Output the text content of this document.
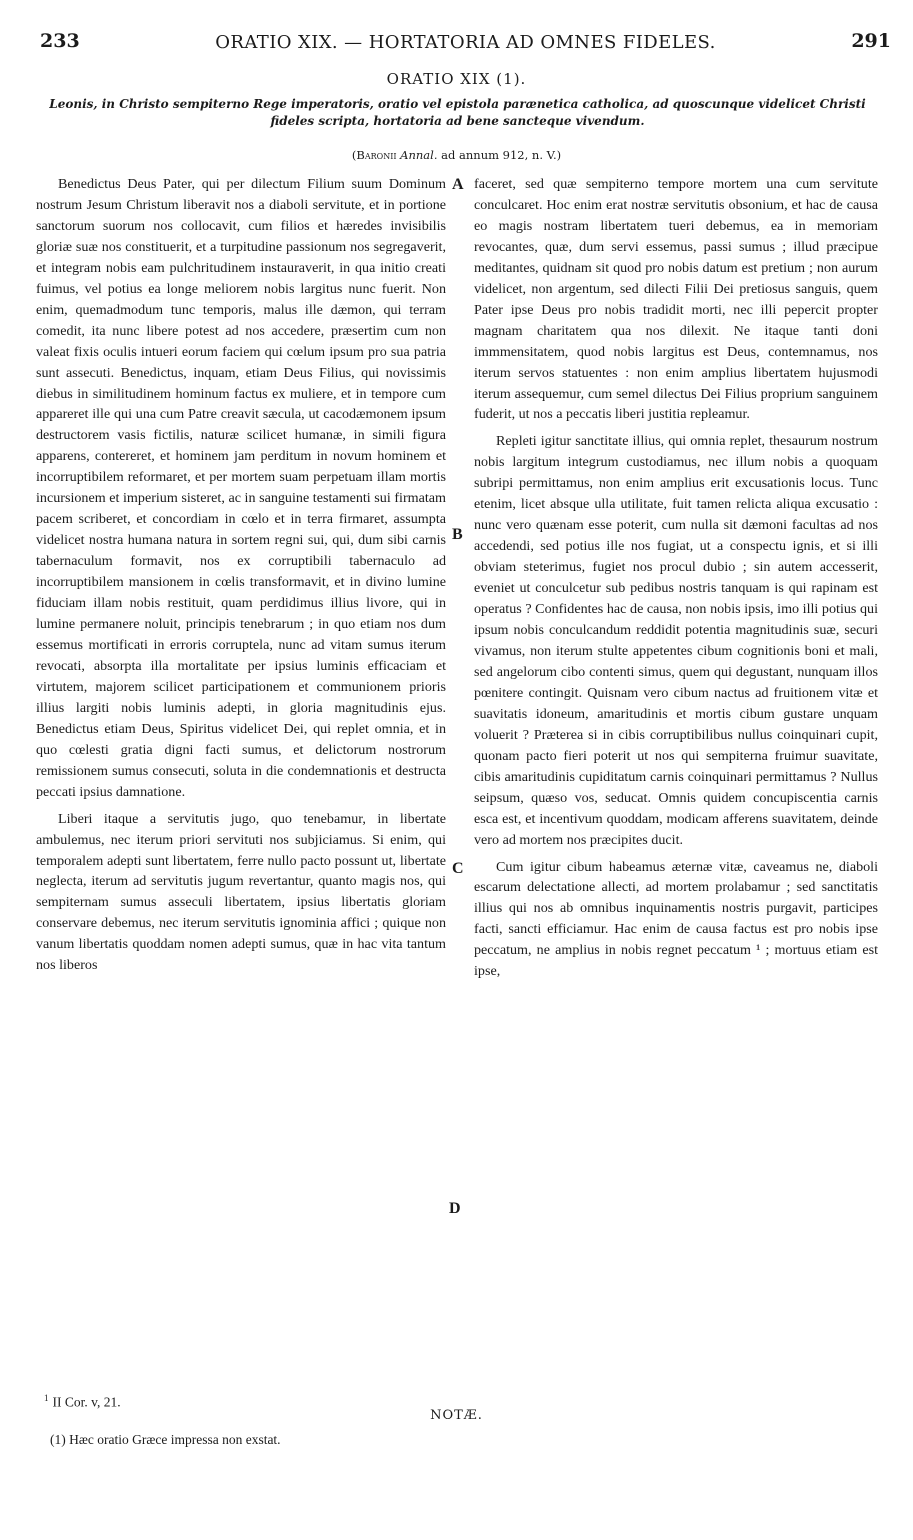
233	ORATIO XIX. — HORTATORIA AD OMNES FIDELES.	291
ORATIO XIX (1).
Leonis, in Christo sempiterno Rege imperatoris, oratio vel epistola parænetica catholica, ad quoscunque videlicet Christi fideles scripta, hortatoria ad bene sancteque vivendum.
(Baronii Annal. ad annum 912, n. V.)

Benedictus Deus Pater, qui per dilectum Filium suum Dominum nostrum Jesum Christum liberavit nos a diaboli servitute, et in portione sanctorum suorum nos collocavit, cum filios et hæredes invisibilis gloriæ suæ nos constituerit, et a turpitudine passionum nos segregaverit, et integram nobis eam pulchritudinem instauraverit, in qua initio creati fuimus, vel potius ea longe meliorem nobis largitus nunc fuerit. Non enim, quemadmodum tunc temporis, malus ille dæmon, qui terram comedit, ita nunc libere potest ad nos accedere, præsertim cum non valeat fixis oculis intueri eorum faciem qui cœlum ipsum pro sua patria sunt assecuti. Benedictus, inquam, etiam Deus Filius, qui novissimis diebus in similitudinem hominum factus ex muliere, et in tempore cum appareret ille qui una cum Patre creavit sæcula, ut cacodæmonem ipsum destructorem vasis fictilis, naturæ scilicet humanæ, in simili figura apparens, contereret, et hominem jam perditum in novum hominem et incorruptibilem reformaret, et per mortem suam perpetuam illam mortis incursionem et imperium sisteret, ac in sanguine testamenti sui firmatam pacem scriberet, et concordiam in cœlo et in terra firmaret, assumpta videlicet nostra humana natura in sortem regni sui, qui, dum sibi carnis tabernaculum formavit, nos ex corruptibili tabernaculo ad incorruptibilem mansionem in cœlis transformavit, et in divino lumine fiduciam illam nobis restituit, quam perdidimus illius livore, qui in lumine permanere noluit, principis tenebrarum ; in quo etiam nos dum essemus mortificati in erroris corruptela, nunc ad vitam sumus iterum revocati, absorpta illa mortalitate per ipsius luminis efficaciam et virtutem, majorem scilicet participationem et communionem prioris illius largiti nobis luminis adepti, in gloria magnitudinis ejus. Benedictus etiam Deus, Spiritus videlicet Dei, qui replet omnia, et in quo cœlesti gratia digni facti sumus, et delictorum nostrorum remissionem sumus consecuti, soluta in die condemnationis et destructa peccati ipsius damnatione.

Liberi itaque a servitutis jugo, quo tenebamur, in libertate ambulemus, nec iterum priori servituti nos subjiciamus. Si enim, qui temporalem adepti sunt libertatem, ferre nullo pacto possunt ut, libertate neglecta, iterum ad servitutis jugum revertantur, quanto magis nos, qui sempiternam sumus asseculi libertatem, ipsius libertatis gloriam conservare debemus, nec iterum servitutis ignominia affici ; quique non vanum libertatis quoddam nomen adepti sumus, quæ in hac vita tantum nos liberos

A
B
C
D

faceret, sed quæ sempiterno tempore mortem una cum servitute conculcaret. Hoc enim erat nostræ servitutis obsonium, et hac de causa eo magis nostram libertatem tueri debemus, ea in memoriam revocantes, quæ, dum servi essemus, passi sumus ; illud præcipue meditantes, quidnam sit quod pro nobis datum est pretium ; non aurum videlicet, non argentum, sed dilecti Filii Dei pretiosus sanguis, quem Pater ipse Deus pro nobis tradidit morti, nec illi pepercit propter magnam charitatem qua nos dilexit. Ne itaque tanti doni immmensitatem, quod nobis largitus est Deus, contemnamus, nos iterum servos statuentes : non enim amplius libertatem hujusmodi iterum assequemur, cum semel dilectus Dei Filius proprium sanguinem fuderit, ut nos a peccatis liberi justitia repleamur.

Repleti igitur sanctitate illius, qui omnia replet, thesaurum nostrum nobis largitum integrum custodiamus, nec illum nobis a quoquam subripi permittamus, non enim amplius erit excusationis locus. Tunc etenim, licet absque ulla utilitate, fuit tamen relicta aliqua excusatio : nunc vero quænam esse poterit, cum nulla sit dæmoni facultas ad nos accedendi, sed potius ille nos fugiat, ut a conspectu ignis, et si illi obviam steterimus, fugiet nos procul dubio ; sin autem accesserit, eveniet ut conculcetur sub pedibus nostris tanquam is qui rapinam est operatus ? Confidentes hac de causa, non nobis ipsis, imo illi potius qui ipsum nobis conculcandum reddidit potentia magnitudinis suæ, securi vivamus, non iterum stulte appetentes cibum cognitionis boni et mali, sed angelorum cibo contenti simus, quem qui degustant, nunquam illos pœnitere contingit. Quisnam vero cibum nactus ad fruitionem vitæ et suavitatis idoneum, amaritudinis et mortis cibum gustare unquam voluerit ? Præterea si in cibis corruptibilibus nullus coinquinari cupit, quonam pacto fieri poterit ut nos qui sempiterna fruimur suavitate, cibis amaritudinis cupiditatum carnis coinquinari permittamus ? Nullus seipsum, quæso vos, seducat. Omnis quidem concupiscentia carnis esca est, et incentivum quoddam, modicam afferens suavitatem, deinde vero ad mortem nos præcipites ducit.

Cum igitur cibum habeamus æternæ vitæ, caveamus ne, diaboli escarum delectatione allecti, ad mortem prolabamur ; sed sanctitatis illius qui nos ab omnibus inquinamentis nostris purgavit, participes facti, sancti efficiamur. Hac enim de causa factus est pro nobis ipse peccatum, ne amplius in nobis regnet peccatum ¹ ; mortuus etiam est ipse,

$^1$ II Cor. v, 21.
NOTÆ.
(1) Hæc oratio Græce impressa non exstat.
